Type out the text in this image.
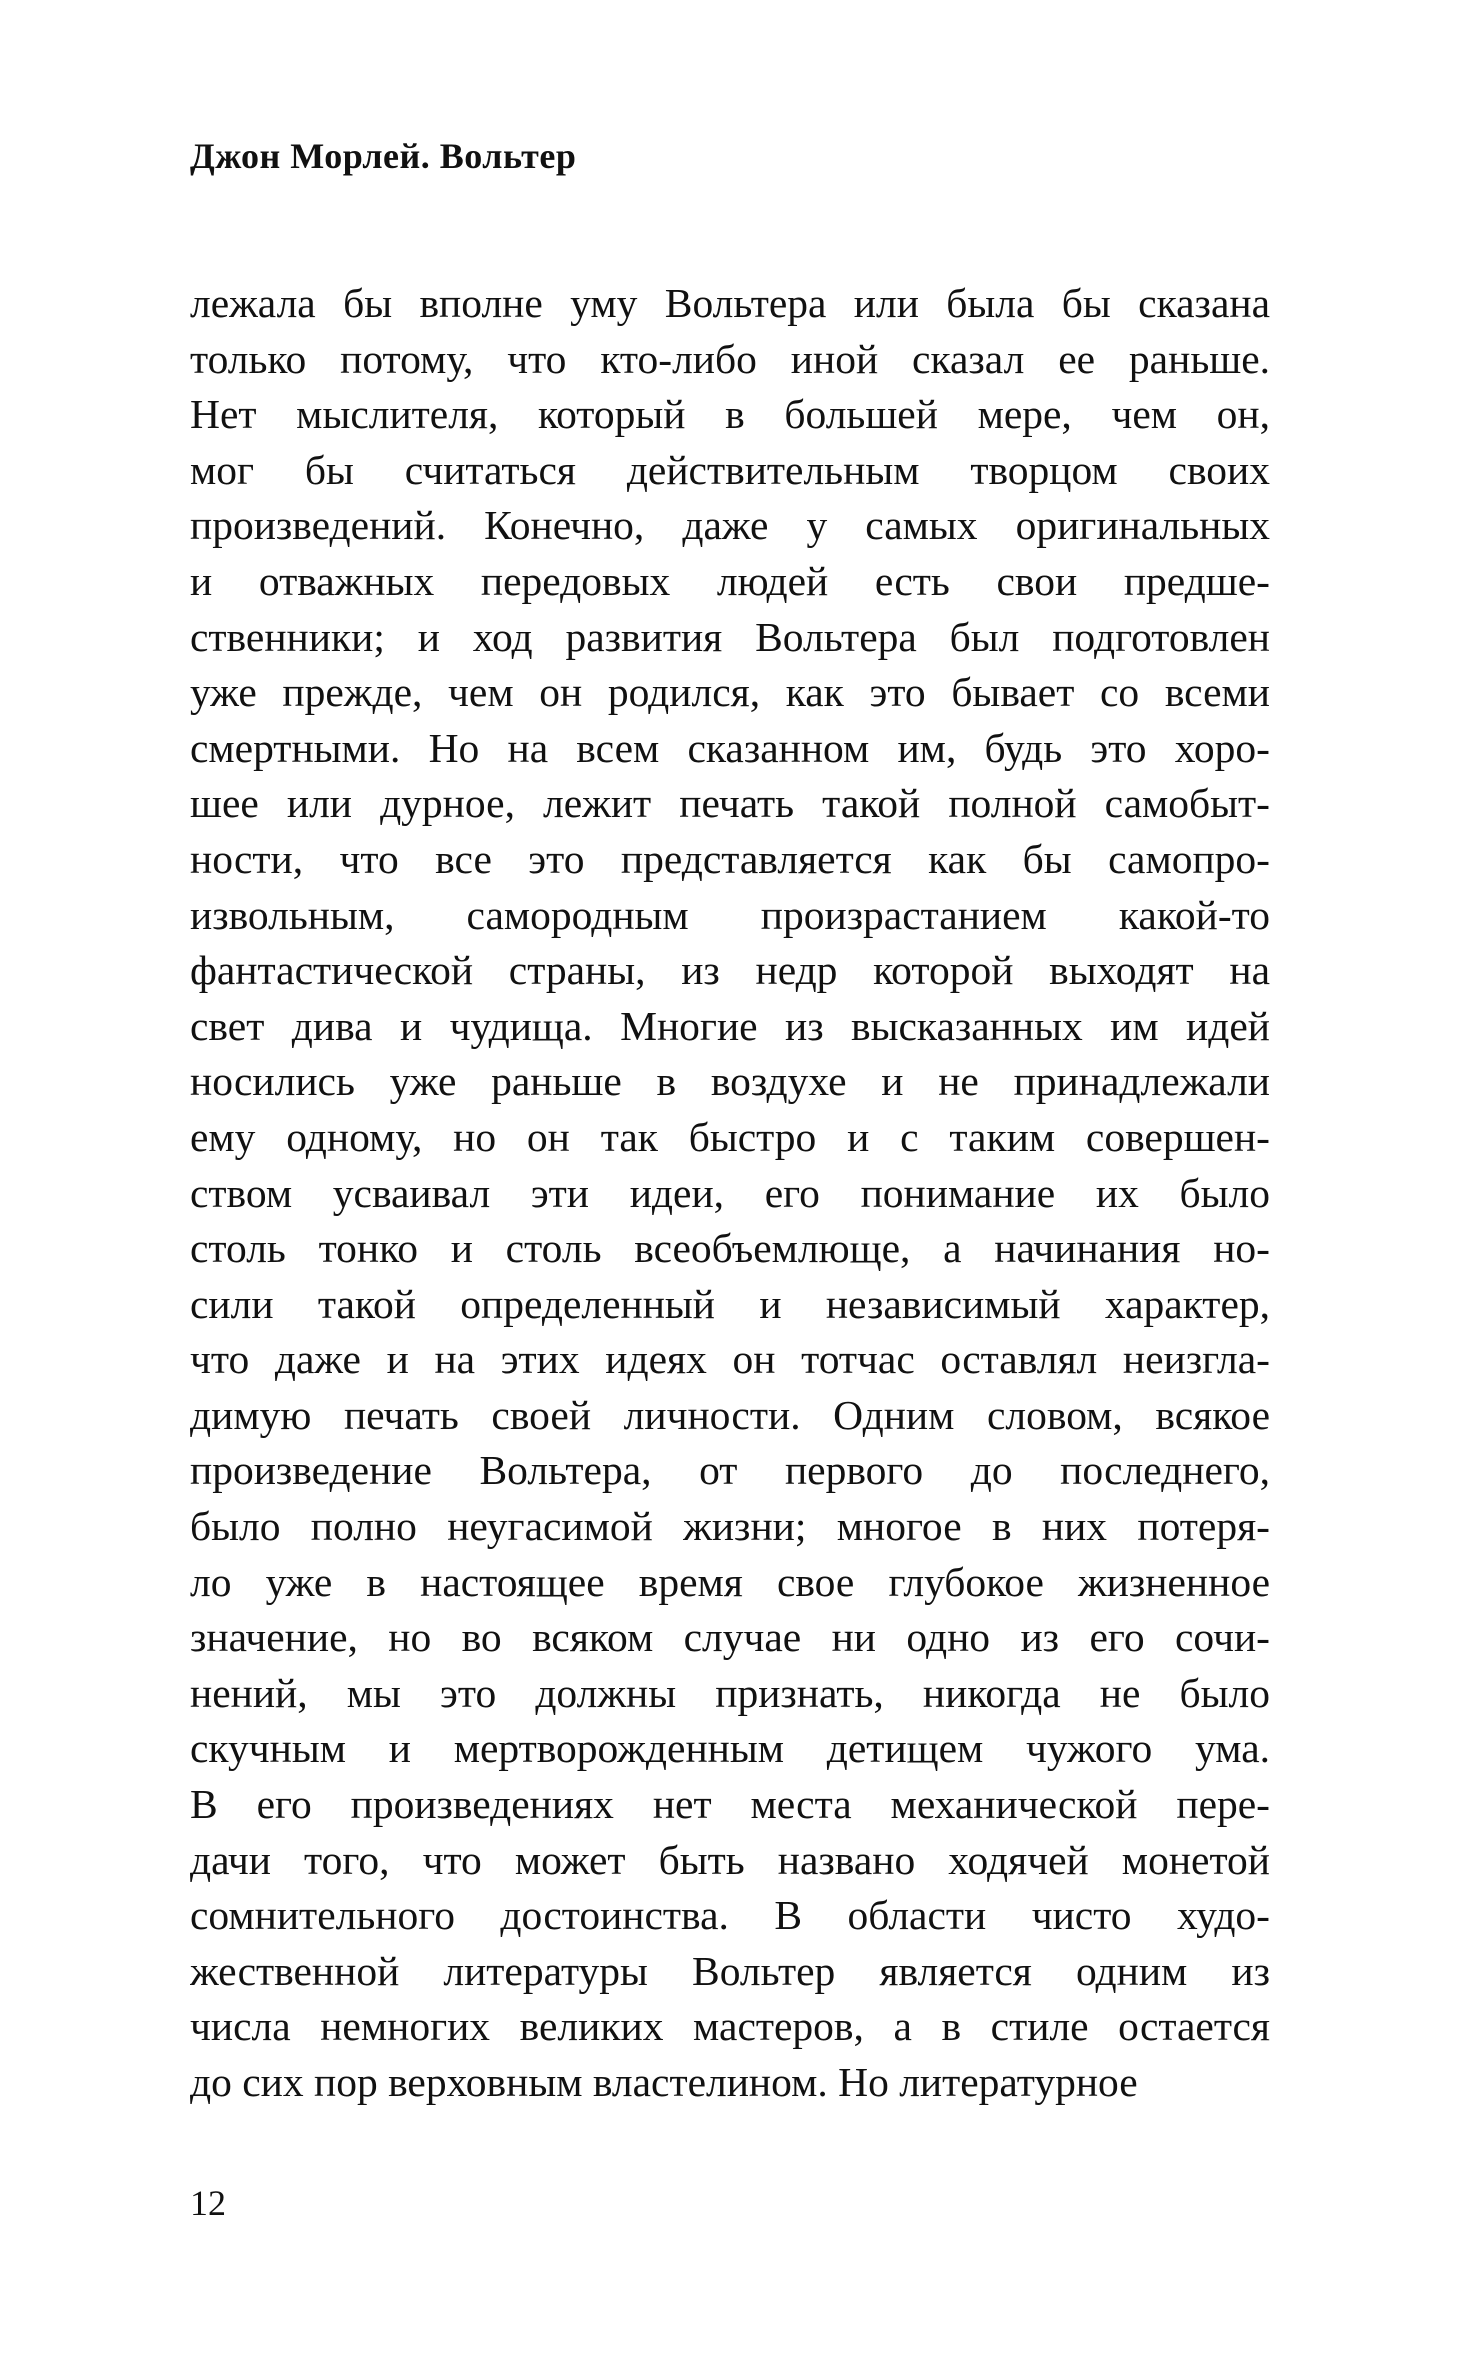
Джон Морлей. Вольтер
лежала бы вполне уму Вольтера или была бы сказана
только потому, что кто-либо иной сказал ее раньше.
Нет мыслителя, который в большей мере, чем он,
мог бы считаться действительным творцом своих
произведений. Конечно, даже у самых оригинальных
и отважных передовых людей есть свои предше-
ственники; и ход развития Вольтера был подготовлен
уже прежде, чем он родился, как это бывает со всеми
смертными. Но на всем сказанном им, будь это хоро-
шее или дурное, лежит печать такой полной самобыт-
ности, что все это представляется как бы самопро-
извольным, самородным произрастанием какой-то
фантастической страны, из недр которой выходят на
свет дива и чудища. Многие из высказанных им идей
носились уже раньше в воздухе и не принадлежали
ему одному, но он так быстро и с таким совершен-
ством усваивал эти идеи, его понимание их было
столь тонко и столь всеобъемлюще, а начинания но-
сили такой определенный и независимый характер,
что даже и на этих идеях он тотчас оставлял неизгла-
димую печать своей личности. Одним словом, всякое
произведение Вольтера, от первого до последнего,
было полно неугасимой жизни; многое в них потеря-
ло уже в настоящее время свое глубокое жизненное
значение, но во всяком случае ни одно из его сочи-
нений, мы это должны признать, никогда не было
скучным и мертворожденным детищем чужого ума.
В его произведениях нет места механической пере-
дачи того, что может быть названо ходячей монетой
сомнительного достоинства. В области чисто худо-
жественной литературы Вольтер является одним из
числа немногих великих мастеров, а в стиле остается
до сих пор верховным властелином. Но литературное
12
